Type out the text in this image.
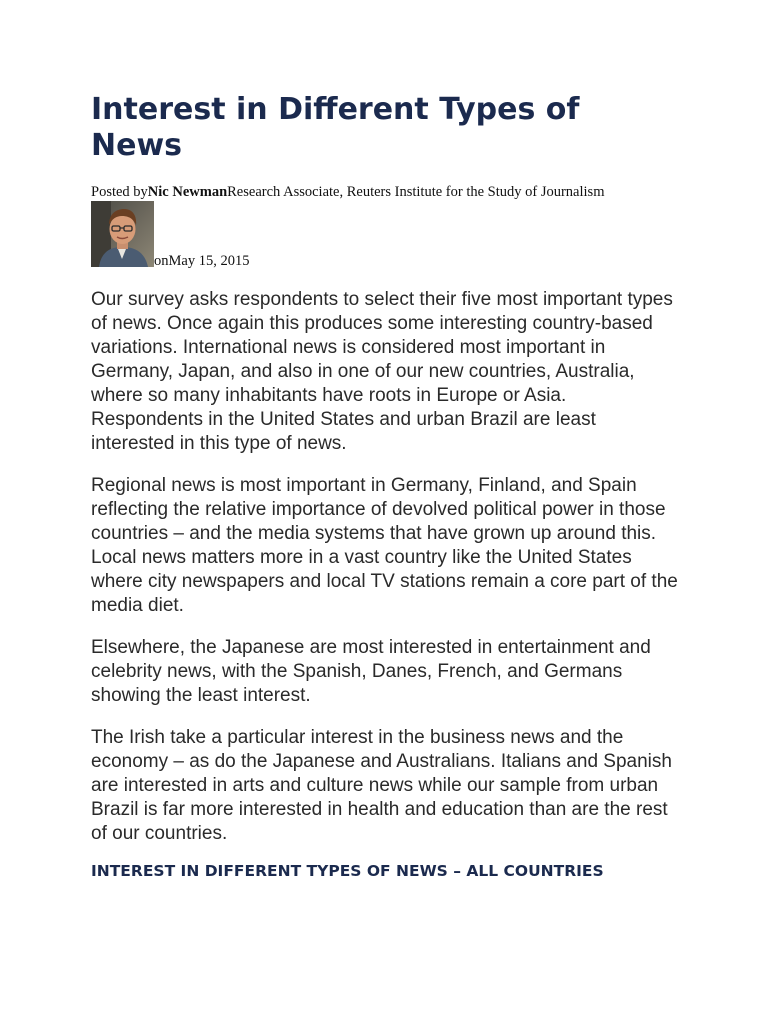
Interest in Different Types of News
Posted byNic NewmanResearch Associate, Reuters Institute for the Study of Journalism
onMay 15, 2015

Our survey asks respondents to select their five most important types of news. Once again this produces some interesting country-based variations. International news is considered most important in Germany, Japan, and also in one of our new countries, Australia, where so many inhabitants have roots in Europe or Asia. Respondents in the United States and urban Brazil are least interested in this type of news.

Regional news is most important in Germany, Finland, and Spain reflecting the relative importance of devolved political power in those countries – and the media systems that have grown up around this. Local news matters more in a vast country like the United States where city newspapers and local TV stations remain a core part of the media diet.

Elsewhere, the Japanese are most interested in entertainment and celebrity news, with the Spanish, Danes, French, and Germans showing the least interest.

The Irish take a particular interest in the business news and the economy – as do the Japanese and Australians. Italians and Spanish are interested in arts and culture news while our sample from urban Brazil is far more interested in health and education than are the rest of our countries.

INTEREST IN DIFFERENT TYPES OF NEWS – ALL COUNTRIES
